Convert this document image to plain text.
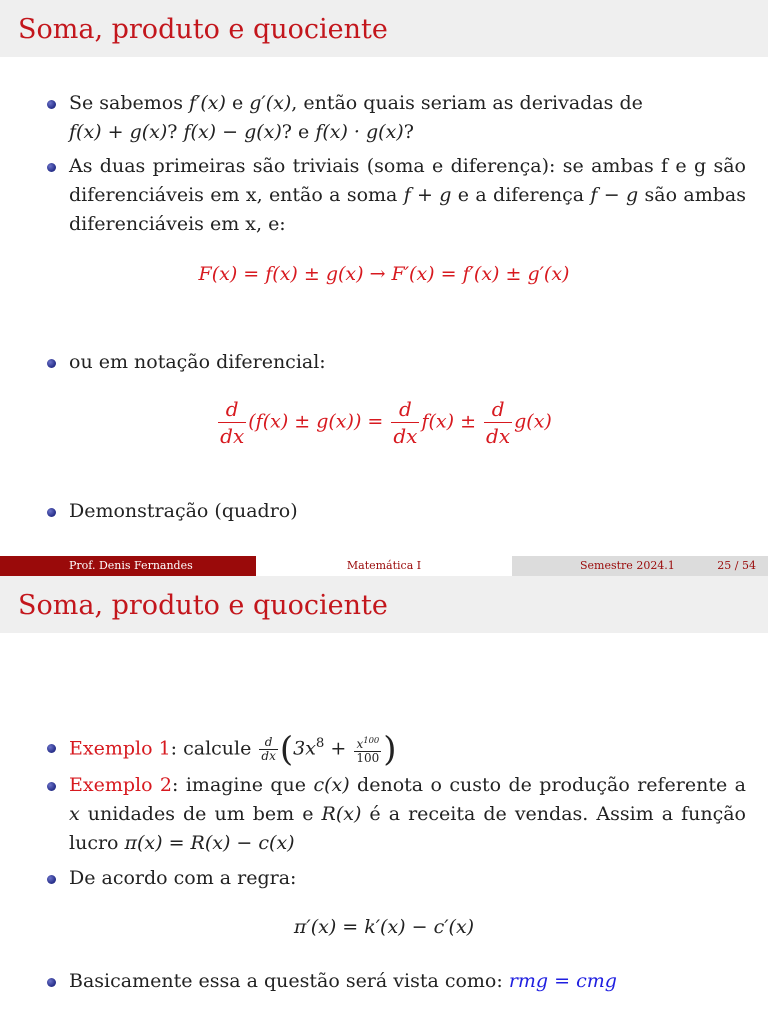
Soma, produto e quociente
Se sabemos f′(x) e g′(x), então quais seriam as derivadas de f(x) + g(x)? f(x) − g(x)? e f(x) · g(x)?
As duas primeiras são triviais (soma e diferença): se ambas f e g são diferenciáveis em x, então a soma f + g e a diferença f − g são ambas diferenciáveis em x, e:
F(x) = f(x) ± g(x) → F′(x) = f′(x) ± g′(x)
ou em notação diferencial:
$\frac{d}{dx} (f(x) \pm g(x)) = \frac{d}{dx} f(x) \pm \frac{d}{dx} g(x)$
Demonstração (quadro)
Prof. Denis Fernandes	Matemática I	Semestre 2024.1	25 / 54
Soma, produto e quociente
Exemplo 1: calcule $\frac{d}{dx} (3x^8 + \frac{x^{100}}{100}$ )
Exemplo 2: imagine que c(x) denota o custo de produção referente a x unidades de um bem e R(x) é a receita de vendas. Assim a função lucro π(x) = R(x) − c(x)
De acordo com a regra:
π′(x) = k′(x) − c′(x)
Basicamente essa a questão será vista como: rmg = cmg
